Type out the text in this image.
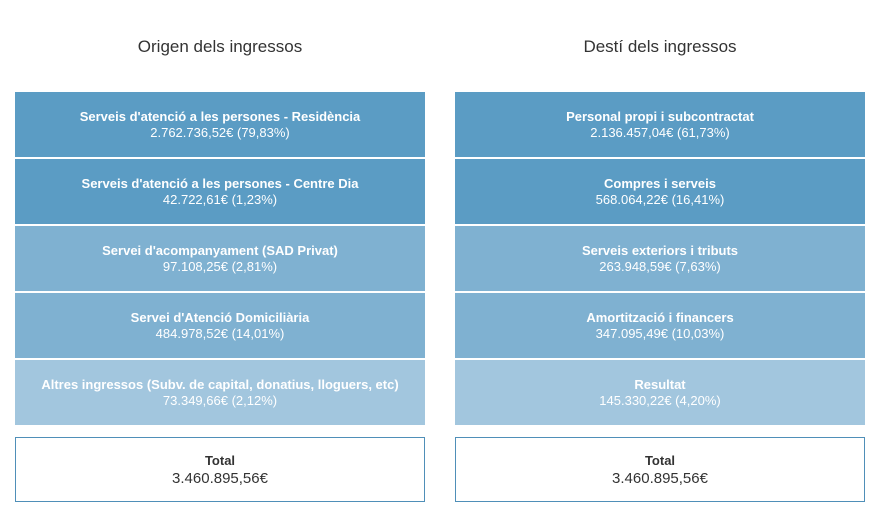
Origen dels ingressos
Serveis d'atenció a les persones - Residència
2.762.736,52€ (79,83%)
Serveis d'atenció a les persones - Centre Dia
42.722,61€ (1,23%)
Servei d'acompanyament (SAD Privat)
97.108,25€ (2,81%)
Servei d'Atenció Domiciliària
484.978,52€ (14,01%)
Altres ingressos (Subv. de capital, donatius, lloguers, etc)
73.349,66€ (2,12%)
Total
3.460.895,56€
Destí dels ingressos
Personal propi i subcontractat
2.136.457,04€ (61,73%)
Compres i serveis
568.064,22€ (16,41%)
Serveis exteriors i tributs
263.948,59€ (7,63%)
Amortització i financers
347.095,49€ (10,03%)
Resultat
145.330,22€ (4,20%)
Total
3.460.895,56€
